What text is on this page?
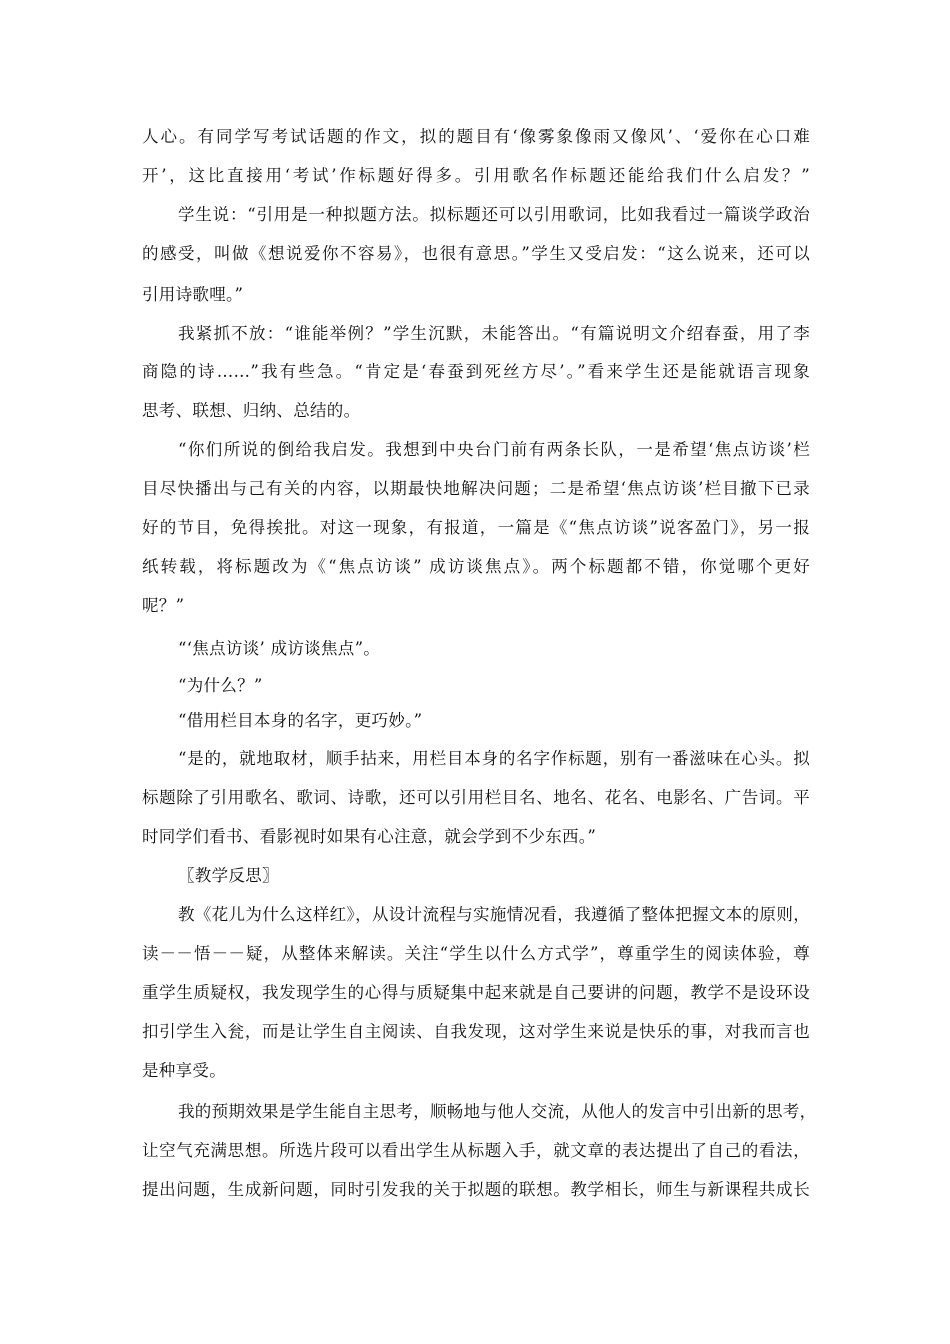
人心。有同学写考试话题的作文，拟的题目有‘像雾象像雨又像风’、‘爱你在心口难
开’，这比直接用‘考试’作标题好得多。引用歌名作标题还能给我们什么启发？”
学生说：“引用是一种拟题方法。拟标题还可以引用歌词，比如我看过一篇谈学政治
的感受，叫做《想说爱你不容易》，也很有意思。”学生又受启发：“这么说来，还可以
引用诗歌哩。”
我紧抓不放：“谁能举例？”学生沉默，未能答出。“有篇说明文介绍春蚕，用了李
商隐的诗……”我有些急。“肯定是‘春蚕到死丝方尽’。”看来学生还是能就语言现象
思考、联想、归纳、总结的。
“你们所说的倒给我启发。我想到中央台门前有两条长队，一是希望‘焦点访谈’栏
目尽快播出与己有关的内容，以期最快地解决问题；二是希望‘焦点访谈’栏目撤下已录
好的节目，免得挨批。对这一现象，有报道，一篇是《“焦点访谈”说客盈门》，另一报
纸转载，将标题改为《“焦点访谈” 成访谈焦点》。两个标题都不错，你觉哪个更好
呢？”
“‘焦点访谈’ 成访谈焦点”。
“为什么？”
“借用栏目本身的名字，更巧妙。”
“是的，就地取材，顺手拈来，用栏目本身的名字作标题，别有一番滋味在心头。拟
标题除了引用歌名、歌词、诗歌，还可以引用栏目名、地名、花名、电影名、广告词。平
时同学们看书、看影视时如果有心注意，就会学到不少东西。”
〖教学反思〗
教《花儿为什么这样红》，从设计流程与实施情况看，我遵循了整体把握文本的原则，
读－－悟－－疑，从整体来解读。关注“学生以什么方式学”，尊重学生的阅读体验，尊
重学生质疑权，我发现学生的心得与质疑集中起来就是自己要讲的问题，教学不是设环设
扣引学生入瓮，而是让学生自主阅读、自我发现，这对学生来说是快乐的事，对我而言也
是种享受。
我的预期效果是学生能自主思考，顺畅地与他人交流，从他人的发言中引出新的思考，
让空气充满思想。所选片段可以看出学生从标题入手，就文章的表达提出了自己的看法，
提出问题，生成新问题，同时引发我的关于拟题的联想。教学相长，师生与新课程共成长
